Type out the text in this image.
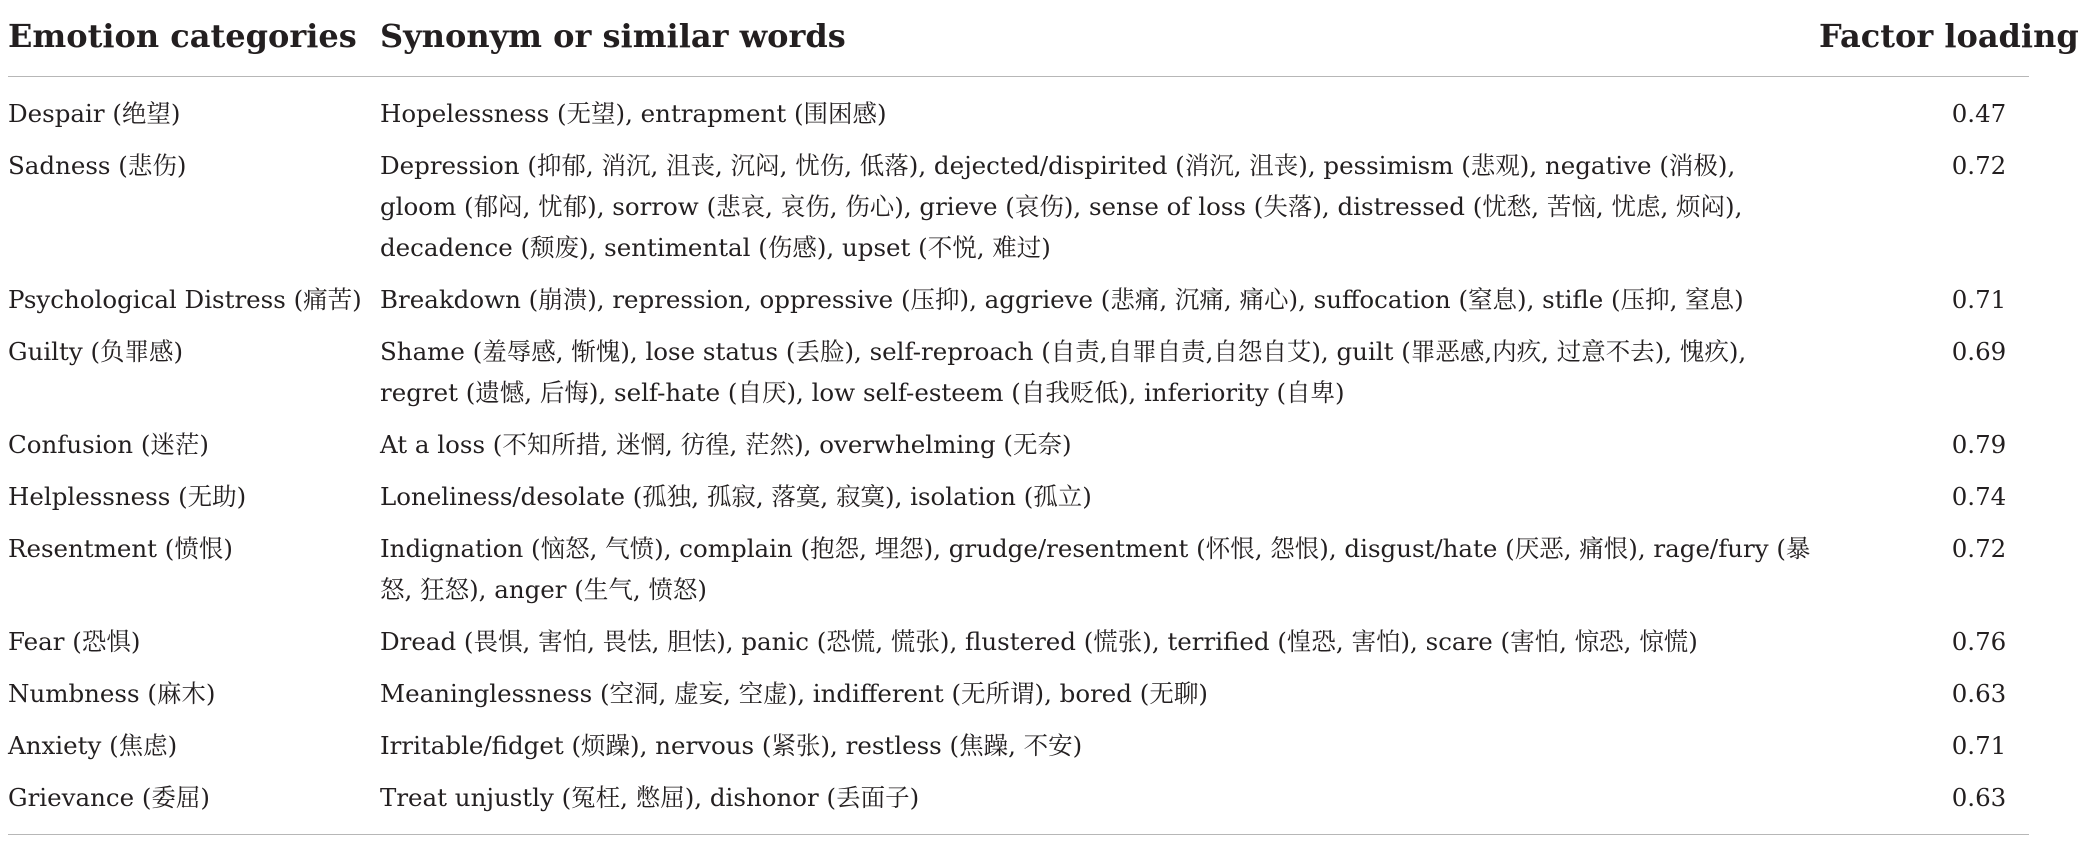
Emotion categories	Synonym or similar words	Factor loading
Despair (绝望)	Hopelessness (无望), entrapment (围困感)	0.47
Sadness (悲伤)	Depression (抑郁, 消沉, 沮丧, 沉闷, 忧伤, 低落), dejected/dispirited (消沉, 沮丧), pessimism (悲观), negative (消极), gloom (郁闷, 忧郁), sorrow (悲哀, 哀伤, 伤心), grieve (哀伤), sense of loss (失落), distressed (忧愁, 苦恼, 忧虑, 烦闷), decadence (颓废), sentimental (伤感), upset (不悦, 难过)	0.72
Psychological Distress (痛苦)	Breakdown (崩溃), repression, oppressive (压抑), aggrieve (悲痛, 沉痛, 痛心), suffocation (窒息), stifle (压抑, 窒息)	0.71
Guilty (负罪感)	Shame (羞辱感, 惭愧), lose status (丢脸), self-reproach (自责,自罪自责,自怨自艾), guilt (罪恶感,内疚, 过意不去), 愧疚), regret (遗憾, 后悔), self-hate (自厌), low self-esteem (自我贬低), inferiority (自卑)	0.69
Confusion (迷茫)	At a loss (不知所措, 迷惘, 彷徨, 茫然), overwhelming (无奈)	0.79
Helplessness (无助)	Loneliness/desolate (孤独, 孤寂, 落寞, 寂寞), isolation (孤立)	0.74
Resentment (愤恨)	Indignation (恼怒, 气愤), complain (抱怨, 埋怨), grudge/resentment (怀恨, 怨恨), disgust/hate (厌恶, 痛恨), rage/fury (暴怒, 狂怒), anger (生气, 愤怒)	0.72
Fear (恐惧)	Dread (畏惧, 害怕, 畏怯, 胆怯), panic (恐慌, 慌张), flustered (慌张), terrified (惶恐, 害怕), scare (害怕, 惊恐, 惊慌)	0.76
Numbness (麻木)	Meaninglessness (空洞, 虚妄, 空虚), indifferent (无所谓), bored (无聊)	0.63
Anxiety (焦虑)	Irritable/fidget (烦躁), nervous (紧张), restless (焦躁, 不安)	0.71
Grievance (委屈)	Treat unjustly (冤枉, 憋屈), dishonor (丢面子)	0.63
